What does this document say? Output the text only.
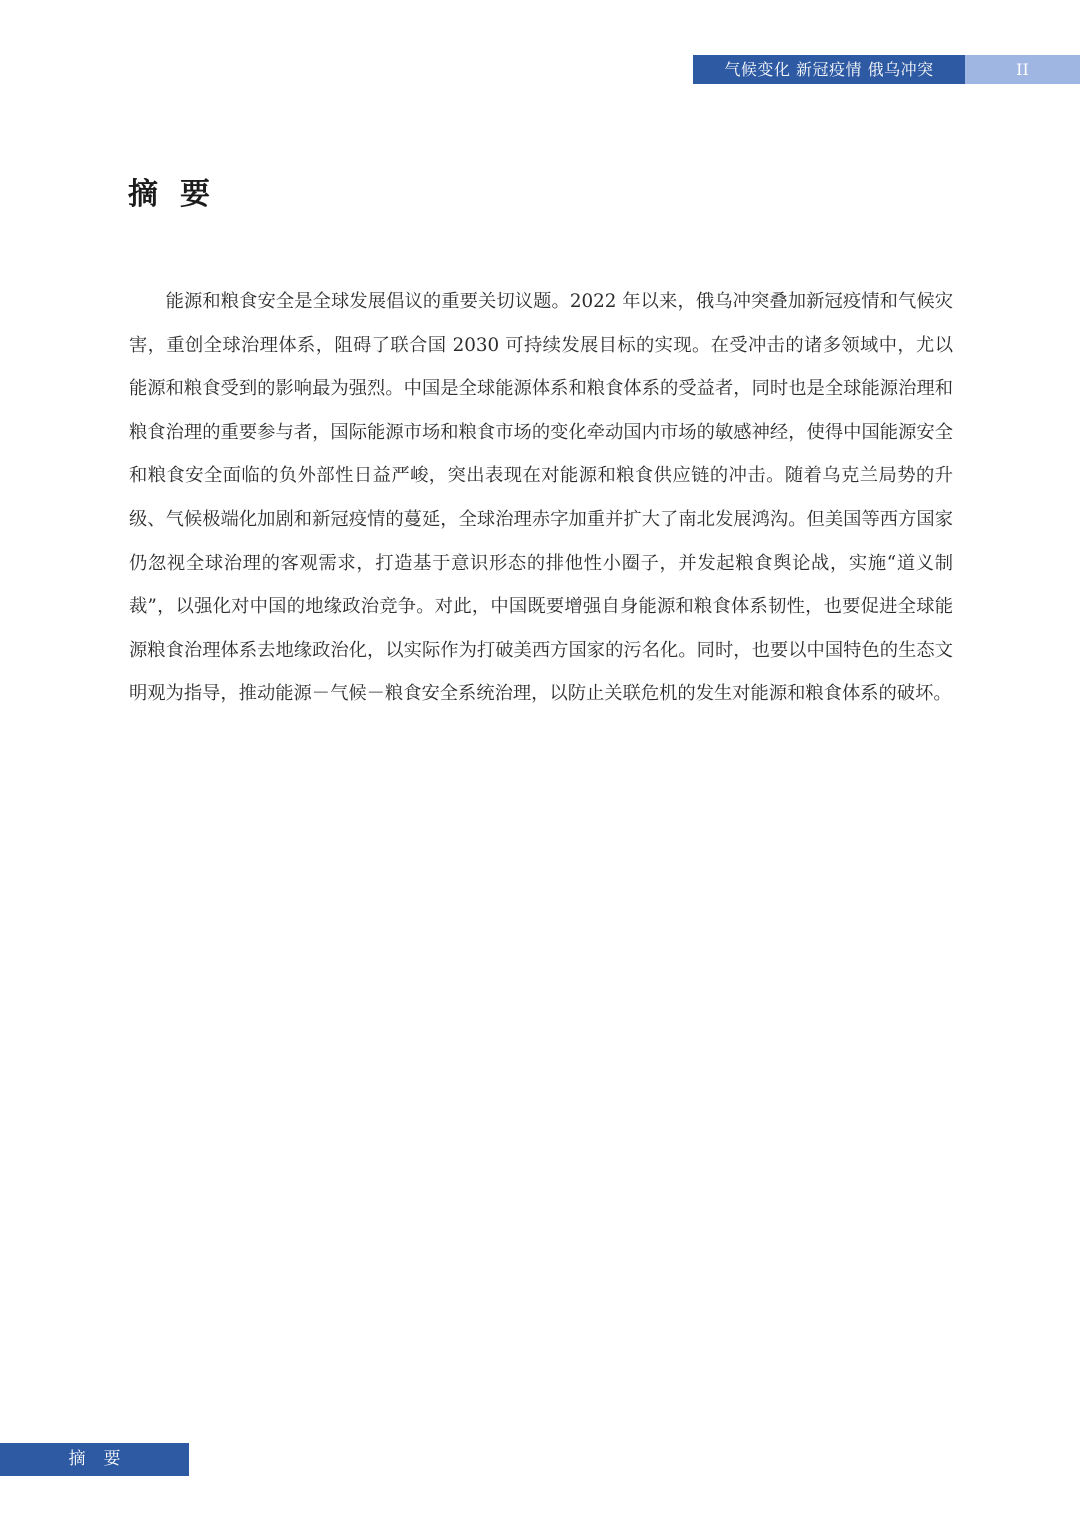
气候变化 新冠疫情 俄乌冲突	II
摘要

能源和粮食安全是全球发展倡议的重要关切议题。2022 年以来，俄乌冲突叠加新冠疫情和气候灾害，重创全球治理体系，阻碍了联合国 2030 可持续发展目标的实现。在受冲击的诸多领域中，尤以能源和粮食受到的影响最为强烈。中国是全球能源体系和粮食体系的受益者，同时也是全球能源治理和粮食治理的重要参与者，国际能源市场和粮食市场的变化牵动国内市场的敏感神经，使得中国能源安全和粮食安全面临的负外部性日益严峻，突出表现在对能源和粮食供应链的冲击。随着乌克兰局势的升级、气候极端化加剧和新冠疫情的蔓延，全球治理赤字加重并扩大了南北发展鸿沟。但美国等西方国家仍忽视全球治理的客观需求，打造基于意识形态的排他性小圈子，并发起粮食舆论战，实施“道义制裁”，以强化对中国的地缘政治竞争。对此，中国既要增强自身能源和粮食体系韧性，也要促进全球能源粮食治理体系去地缘政治化，以实际作为打破美西方国家的污名化。同时，也要以中国特色的生态文明观为指导，推动能源－气候－粮食安全系统治理，以防止关联危机的发生对能源和粮食体系的破坏。

摘要
